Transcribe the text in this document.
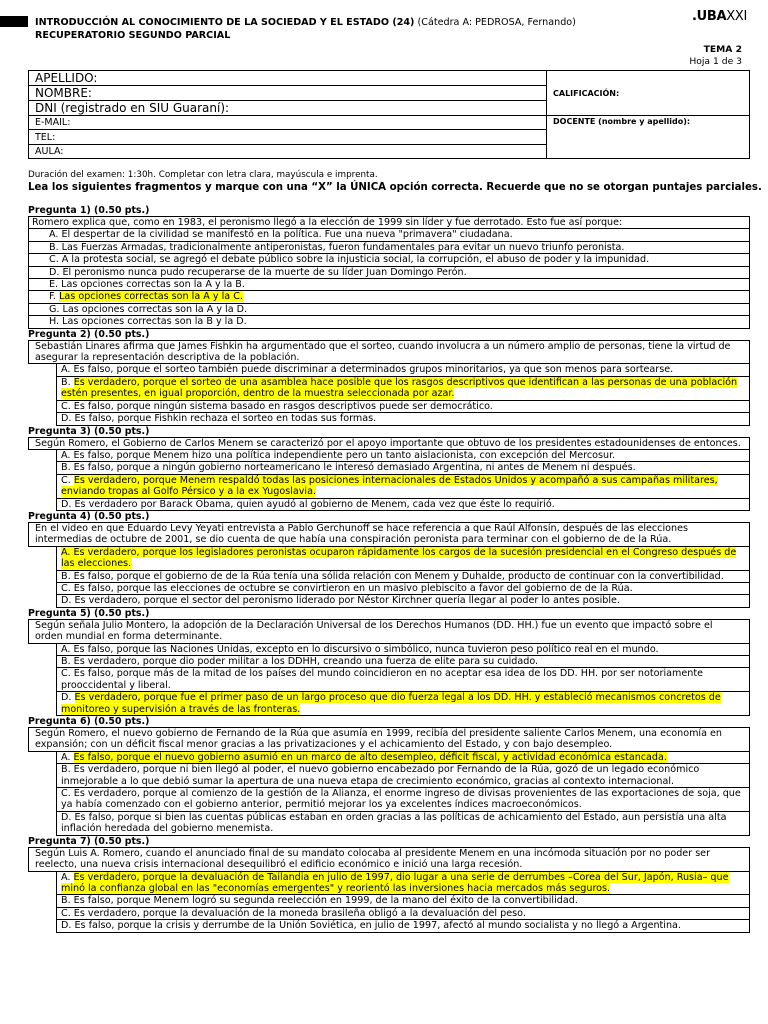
INTRODUCCIÓN AL CONOCIMIENTO DE LA SOCIEDAD Y EL ESTADO (24) (Cátedra A: PEDROSA, Fernando)
RECUPERATORIO SEGUNDO PARCIAL
.UBAXXI
TEMA 2
Hoja 1 de 3
APELLIDO:	CALIFICACIÓN:
NOMBRE:	
DNI (registrado en SIU Guaraní):	
E-MAIL:	DOCENTE (nombre y apellido):
TEL:	
AULA:	
Duración del examen: 1:30h. Completar con letra clara, mayúscula e imprenta.
Lea los siguientes fragmentos y marque con una “X” la ÚNICA opción correcta. Recuerde que no se otorgan puntajes parciales.
Pregunta 1) (0.50 pts.)
Romero explica que, como en 1983, el peronismo llegó a la elección de 1999 sin líder y fue derrotado. Esto fue así porque:
A. El despertar de la civilidad se manifestó en la política. Fue una nueva "primavera" ciudadana.
B. Las Fuerzas Armadas, tradicionalmente antiperonistas, fueron fundamentales para evitar un nuevo triunfo peronista.
C. A la protesta social, se agregó el debate público sobre la injusticia social, la corrupción, el abuso de poder y la impunidad.
D. El peronismo nunca pudo recuperarse de la muerte de su líder Juan Domingo Perón.
E. Las opciones correctas son la A y la B.
F. Las opciones correctas son la A y la C.
G. Las opciones correctas son la A y la D.
H. Las opciones correctas son la B y la D.
Pregunta 2) (0.50 pts.)
Sebastián Linares afirma que James Fishkin ha argumentado que el sorteo, cuando involucra a un número amplio de personas, tiene la virtud de asegurar la representación descriptiva de la población.
A. Es falso, porque el sorteo también puede discriminar a determinados grupos minoritarios, ya que son menos para sortearse.
B. Es verdadero, porque el sorteo de una asamblea hace posible que los rasgos descriptivos que identifican a las personas de una población estén presentes, en igual proporción, dentro de la muestra seleccionada por azar.
C. Es falso, porque ningún sistema basado en rasgos descriptivos puede ser democrático.
D. Es falso, porque Fishkin rechaza el sorteo en todas sus formas.
Pregunta 3) (0.50 pts.)
Según Romero, el Gobierno de Carlos Menem se caracterizó por el apoyo importante que obtuvo de los presidentes estadounidenses de entonces.
A. Es falso, porque Menem hizo una política independiente pero un tanto aislacionista, con excepción del Mercosur.
B. Es falso, porque a ningún gobierno norteamericano le interesó demasiado Argentina, ni antes de Menem ni después.
C. Es verdadero, porque Menem respaldó todas las posiciones internacionales de Estados Unidos y acompañó a sus campañas militares, enviando tropas al Golfo Pérsico y a la ex Yugoslavia.
D. Es verdadero por Barack Obama, quien ayudó al gobierno de Menem, cada vez que éste lo requirió.
Pregunta 4) (0.50 pts.)
En el video en que Eduardo Levy Yeyati entrevista a Pablo Gerchunoff se hace referencia a que Raúl Alfonsín, después de las elecciones intermedias de octubre de 2001, se dio cuenta de que había una conspiración peronista para terminar con el gobierno de de la Rúa.
A. Es verdadero, porque los legisladores peronistas ocuparon rápidamente los cargos de la sucesión presidencial en el Congreso después de las elecciones.
B. Es falso, porque el gobierno de de la Rúa tenía una sólida relación con Menem y Duhalde, producto de continuar con la convertibilidad.
C. Es falso, porque las elecciones de octubre se convirtieron en un masivo plebiscito a favor del gobierno de de la Rúa.
D. Es verdadero, porque el sector del peronismo liderado por Néstor Kirchner quería llegar al poder lo antes posible.
Pregunta 5) (0.50 pts.)
Según señala Julio Montero, la adopción de la Declaración Universal de los Derechos Humanos (DD. HH.) fue un evento que impactó sobre el orden mundial en forma determinante.
A. Es falso, porque las Naciones Unidas, excepto en lo discursivo o simbólico, nunca tuvieron peso político real en el mundo.
B. Es verdadero, porque dio poder militar a los DDHH, creando una fuerza de elite para su cuidado.
C. Es falso, porque más de la mitad de los países del mundo coincidieron en no aceptar esa idea de los DD. HH. por ser notoriamente prooccidental y liberal.
D. Es verdadero, porque fue el primer paso de un largo proceso que dio fuerza legal a los DD. HH. y estableció mecanismos concretos de monitoreo y supervisión a través de las fronteras.
Pregunta 6) (0.50 pts.)
Según Romero, el nuevo gobierno de Fernando de la Rúa que asumía en 1999, recibía del presidente saliente Carlos Menem, una economía en expansión; con un déficit fiscal menor gracias a las privatizaciones y el achicamiento del Estado, y con bajo desempleo.
A. Es falso, porque el nuevo gobierno asumió en un marco de alto desempleo, déficit fiscal, y actividad económica estancada.
B. Es verdadero, porque ni bien llegó al poder, el nuevo gobierno encabezado por Fernando de la Rúa, gozó de un legado económico inmejorable a lo que debió sumar la apertura de una nueva etapa de crecimiento económico, gracias al contexto internacional.
C. Es verdadero, porque al comienzo de la gestión de la Alianza, el enorme ingreso de divisas provenientes de las exportaciones de soja, que ya había comenzado con el gobierno anterior, permitió mejorar los ya excelentes índices macroeconómicos.
D. Es falso, porque si bien las cuentas públicas estaban en orden gracias a las políticas de achicamiento del Estado, aun persistía una alta inflación heredada del gobierno menemista.
Pregunta 7) (0.50 pts.)
Según Luis A. Romero, cuando el anunciado final de su mandato colocaba al presidente Menem en una incómoda situación por no poder ser reelecto, una nueva crisis internacional desequilibró el edificio económico e inició una larga recesión.
A. Es verdadero, porque la devaluación de Tailandia en julio de 1997, dio lugar a una serie de derrumbes –Corea del Sur, Japón, Rusia– que minó la confianza global en las "economías emergentes" y reorientó las inversiones hacia mercados más seguros.
B. Es falso, porque Menem logró su segunda reelección en 1999, de la mano del éxito de la convertibilidad.
C. Es verdadero, porque la devaluación de la moneda brasileña obligó a la devaluación del peso.
D. Es falso, porque la crisis y derrumbe de la Unión Soviética, en julio de 1997, afectó al mundo socialista y no llegó a Argentina.
